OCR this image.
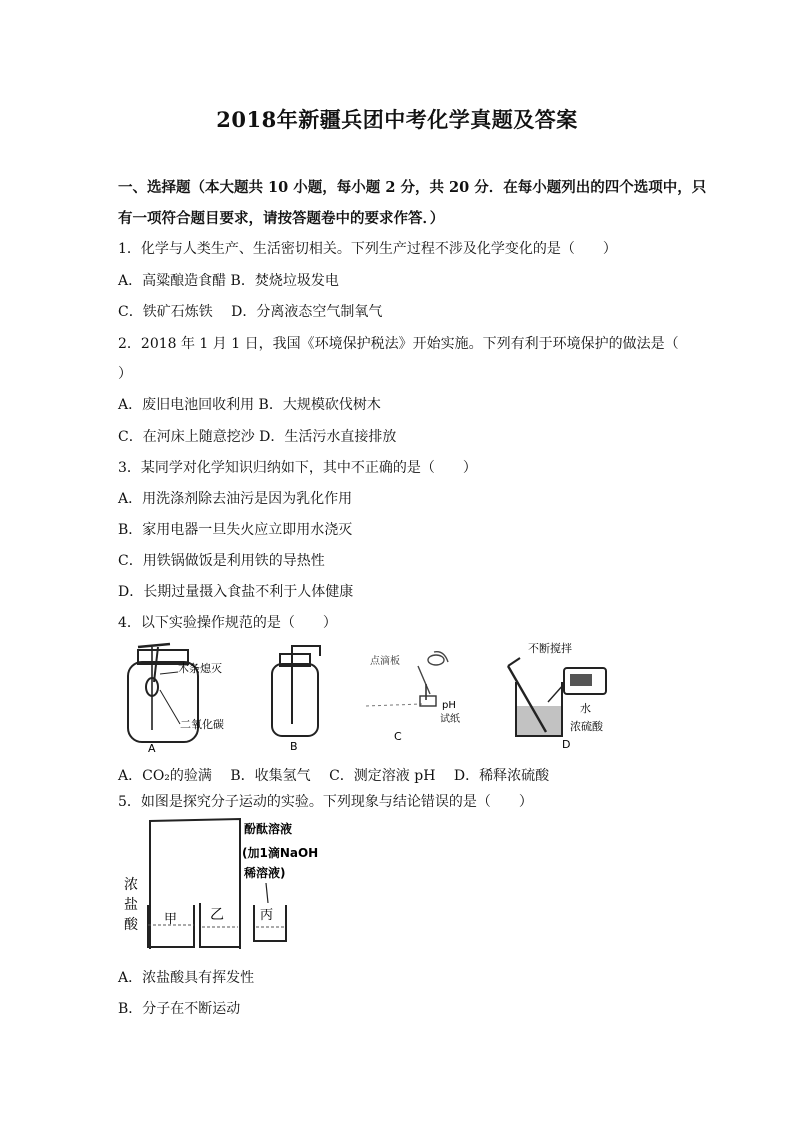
2018年新疆兵团中考化学真题及答案
一、选择题（本大题共 10 小题，每小题 2 分，共 20 分．在每小题列出的四个选项中，只
有一项符合题目要求，请按答题卷中的要求作答．）
1．化学与人类生产、生活密切相关。下列生产过程不涉及化学变化的是（　　）
A．高粱酿造食醋 B．焚烧垃圾发电
C．铁矿石炼铁　 D．分离液态空气制氧气
2．2018 年 1 月 1 日，我国《环境保护税法》开始实施。下列有利于环境保护的做法是（
）
A．废旧电池回收利用 B．大规模砍伐树木
C．在河床上随意挖沙 D．生活污水直接排放
3．某同学对化学知识归纳如下，其中不正确的是（　　）
A．用洗涤剂除去油污是因为乳化作用
B．家用电器一旦失火应立即用水浇灭
C．用铁锅做饭是利用铁的导热性
D．长期过量摄入食盐不利于人体健康
4．以下实验操作规范的是（　　）
木条熄灭
二氧化碳
A	B
点滴板
pH
试纸
C
不断搅拌
水
浓硫酸
D
A．CO₂的验满　 B．收集氢气　 C．测定溶液 pH　 D．稀释浓硫酸
5．如图是探究分子运动的实验。下列现象与结论错误的是（　　）
浓
盐
酸
酚酞溶液
(加1滴NaOH
稀溶液)
甲 乙	丙
A．浓盐酸具有挥发性
B．分子在不断运动
